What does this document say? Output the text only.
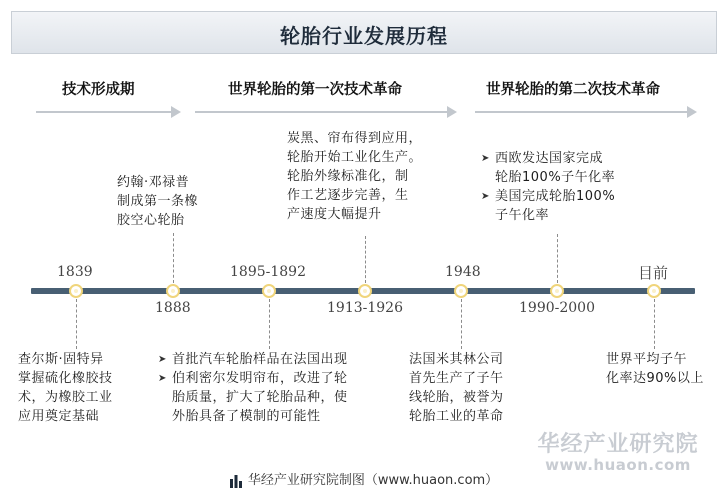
轮胎行业发展历程
技术形成期	世界轮胎的第一次技术革命	世界轮胎的第二次技术革命
约翰·邓禄普
制成第一条橡
胶空心轮胎
炭黑、帘布得到应用，
轮胎开始工业化生产。
轮胎外缘标准化，制
作工艺逐步完善，生
产速度大幅提升
➤ 西欧发达国家完成
轮胎100%子午化率
➤ 美国完成轮胎100%
子午化率
1839
1888
1895-1892
1913-1926
1948
1990-2000
目前
查尔斯·固特异
掌握硫化橡胶技
术，为橡胶工业
应用奠定基础
➤ 首批汽车轮胎样品在法国出现
➤ 伯利密尔发明帘布，改进了轮
胎质量，扩大了轮胎品种，使
外胎具备了模制的可能性
法国米其林公司
首先生产了子午
线轮胎，被誉为
轮胎工业的革命
世界平均子午
化率达90%以上
华经产业研究院
www.huaon.com
华经产业研究院制图（www.huaon.com）
